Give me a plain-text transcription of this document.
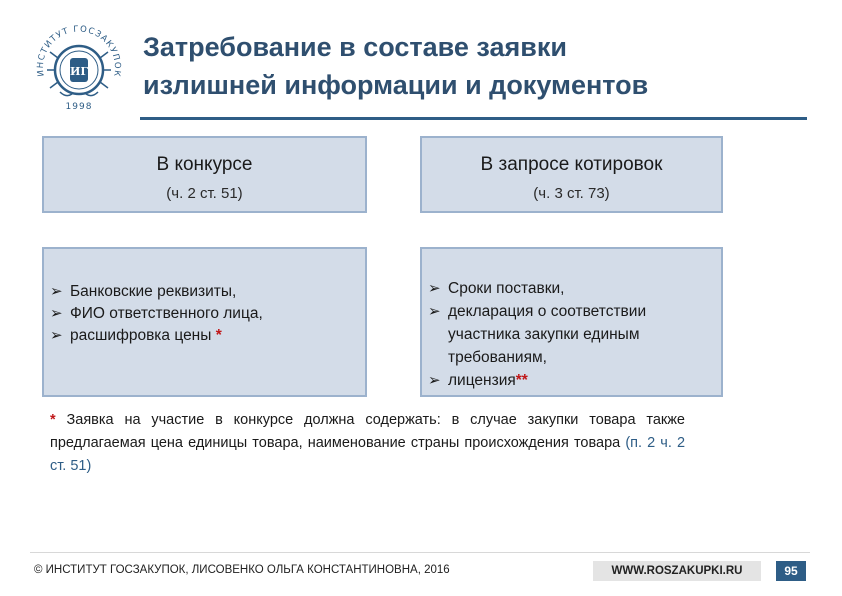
ИГ
ИНСТИТУТ ГОСЗАКУПОК
1998
Затребование в составе заявки
излишней информации и документов
В конкурсе
(ч. 2 ст. 51)
В запросе котировок
(ч. 3 ст. 73)
➢ Банковские реквизиты,
➢ ФИО ответственного лица,
➢ расшифровка цены *
➢ Сроки поставки,
➢ декларация о соответствии участника закупки единым требованиям,
➢ лицензия**
* Заявка на участие в конкурсе должна содержать: в случае закупки товара также предлагаемая цена единицы товара, наименование страны происхождения товара (п. 2 ч. 2 ст. 51)
© ИНСТИТУТ ГОСЗАКУПОК, ЛИСОВЕНКО ОЛЬГА КОНСТАНТИНОВНА, 2016	WWW.ROSZAKUPKI.RU	95
